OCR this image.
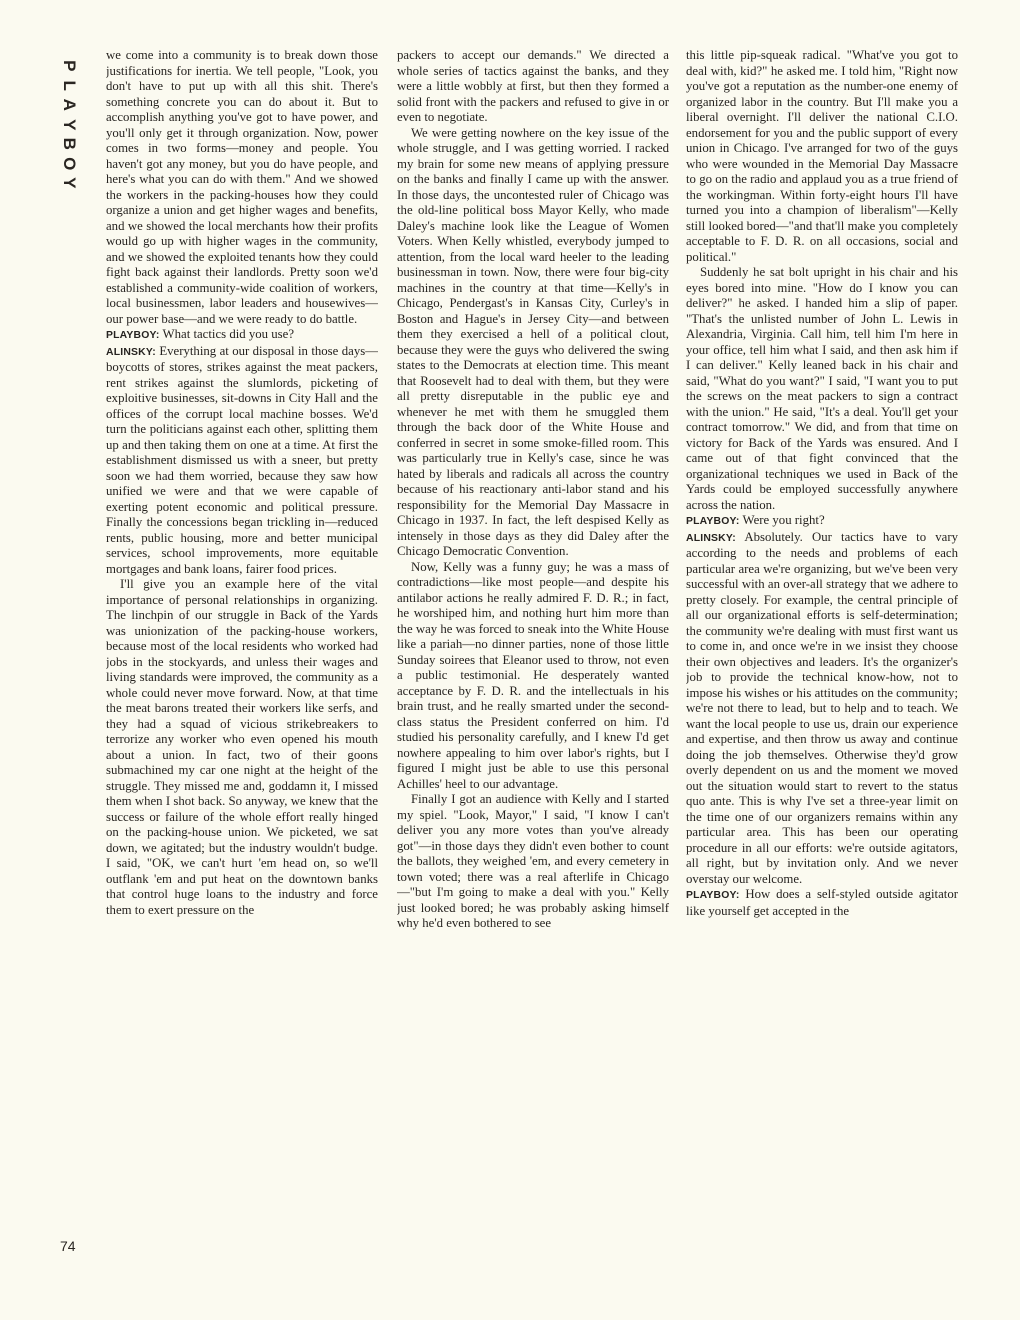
P
L
A
Y
B
O
Y

we come into a community is to break down those justifications for inertia. We tell people, "Look, you don't have to put up with all this shit. There's something concrete you can do about it. But to accomplish anything you've got to have power, and you'll only get it through organization. Now, power comes in two forms—money and people. You haven't got any money, but you do have people, and here's what you can do with them." And we showed the workers in the packing-houses how they could organize a union and get higher wages and benefits, and we showed the local merchants how their profits would go up with higher wages in the community, and we showed the exploited tenants how they could fight back against their landlords. Pretty soon we'd established a community-wide coalition of workers, local businessmen, labor leaders and housewives—our power base—and we were ready to do battle.

PLAYBOY: What tactics did you use?

ALINSKY: Everything at our disposal in those days—boycotts of stores, strikes against the meat packers, rent strikes against the slumlords, picketing of exploitive businesses, sit-downs in City Hall and the offices of the corrupt local machine bosses. We'd turn the politicians against each other, splitting them up and then taking them on one at a time. At first the establishment dismissed us with a sneer, but pretty soon we had them worried, because they saw how unified we were and that we were capable of exerting potent economic and political pressure. Finally the concessions began trickling in—reduced rents, public housing, more and better municipal services, school improvements, more equitable mortgages and bank loans, fairer food prices.

I'll give you an example here of the vital importance of personal relationships in organizing. The linchpin of our struggle in Back of the Yards was unionization of the packing-house workers, because most of the local residents who worked had jobs in the stockyards, and unless their wages and living standards were improved, the community as a whole could never move forward. Now, at that time the meat barons treated their workers like serfs, and they had a squad of vicious strikebreakers to terrorize any worker who even opened his mouth about a union. In fact, two of their goons submachined my car one night at the height of the struggle. They missed me and, goddamn it, I missed them when I shot back. So anyway, we knew that the success or failure of the whole effort really hinged on the packing-house union. We picketed, we sat down, we agitated; but the industry wouldn't budge. I said, "OK, we can't hurt 'em head on, so we'll outflank 'em and put heat on the downtown banks that control huge loans to the industry and force them to exert pressure on the

packers to accept our demands." We directed a whole series of tactics against the banks, and they were a little wobbly at first, but then they formed a solid front with the packers and refused to give in or even to negotiate.

We were getting nowhere on the key issue of the whole struggle, and I was getting worried. I racked my brain for some new means of applying pressure on the banks and finally I came up with the answer. In those days, the uncontested ruler of Chicago was the old-line political boss Mayor Kelly, who made Daley's machine look like the League of Women Voters. When Kelly whistled, everybody jumped to attention, from the local ward heeler to the leading businessman in town. Now, there were four big-city machines in the country at that time—Kelly's in Chicago, Pendergast's in Kansas City, Curley's in Boston and Hague's in Jersey City—and between them they exercised a hell of a political clout, because they were the guys who delivered the swing states to the Democrats at election time. This meant that Roosevelt had to deal with them, but they were all pretty disreputable in the public eye and whenever he met with them he smuggled them through the back door of the White House and conferred in secret in some smoke-filled room. This was particularly true in Kelly's case, since he was hated by liberals and radicals all across the country because of his reactionary anti-labor stand and his responsibility for the Memorial Day Massacre in Chicago in 1937. In fact, the left despised Kelly as intensely in those days as they did Daley after the Chicago Democratic Convention.

Now, Kelly was a funny guy; he was a mass of contradictions—like most people—and despite his antilabor actions he really admired F. D. R.; in fact, he worshiped him, and nothing hurt him more than the way he was forced to sneak into the White House like a pariah—no dinner parties, none of those little Sunday soirees that Eleanor used to throw, not even a public testimonial. He desperately wanted acceptance by F. D. R. and the intellectuals in his brain trust, and he really smarted under the second-class status the President conferred on him. I'd studied his personality carefully, and I knew I'd get nowhere appealing to him over labor's rights, but I figured I might just be able to use this personal Achilles' heel to our advantage.

Finally I got an audience with Kelly and I started my spiel. "Look, Mayor," I said, "I know I can't deliver you any more votes than you've already got"—in those days they didn't even bother to count the ballots, they weighed 'em, and every cemetery in town voted; there was a real afterlife in Chicago—"but I'm going to make a deal with you." Kelly just looked bored; he was probably asking himself why he'd even bothered to see

this little pip-squeak radical. "What've you got to deal with, kid?" he asked me. I told him, "Right now you've got a reputation as the number-one enemy of organized labor in the country. But I'll make you a liberal overnight. I'll deliver the national C.I.O. endorsement for you and the public support of every union in Chicago. I've arranged for two of the guys who were wounded in the Memorial Day Massacre to go on the radio and applaud you as a true friend of the workingman. Within forty-eight hours I'll have turned you into a champion of liberalism"—Kelly still looked bored—"and that'll make you completely acceptable to F. D. R. on all occasions, social and political."

Suddenly he sat bolt upright in his chair and his eyes bored into mine. "How do I know you can deliver?" he asked. I handed him a slip of paper. "That's the unlisted number of John L. Lewis in Alexandria, Virginia. Call him, tell him I'm here in your office, tell him what I said, and then ask him if I can deliver." Kelly leaned back in his chair and said, "What do you want?" I said, "I want you to put the screws on the meat packers to sign a contract with the union." He said, "It's a deal. You'll get your contract tomorrow." We did, and from that time on victory for Back of the Yards was ensured. And I came out of that fight convinced that the organizational techniques we used in Back of the Yards could be employed successfully anywhere across the nation.

PLAYBOY: Were you right?

ALINSKY: Absolutely. Our tactics have to vary according to the needs and problems of each particular area we're organizing, but we've been very successful with an over-all strategy that we adhere to pretty closely. For example, the central principle of all our organizational efforts is self-determination; the community we're dealing with must first want us to come in, and once we're in we insist they choose their own objectives and leaders. It's the organizer's job to provide the technical know-how, not to impose his wishes or his attitudes on the community; we're not there to lead, but to help and to teach. We want the local people to use us, drain our experience and expertise, and then throw us away and continue doing the job themselves. Otherwise they'd grow overly dependent on us and the moment we moved out the situation would start to revert to the status quo ante. This is why I've set a three-year limit on the time one of our organizers remains within any particular area. This has been our operating procedure in all our efforts: we're outside agitators, all right, but by invitation only. And we never overstay our welcome.

PLAYBOY: How does a self-styled outside agitator like yourself get accepted in the

74
